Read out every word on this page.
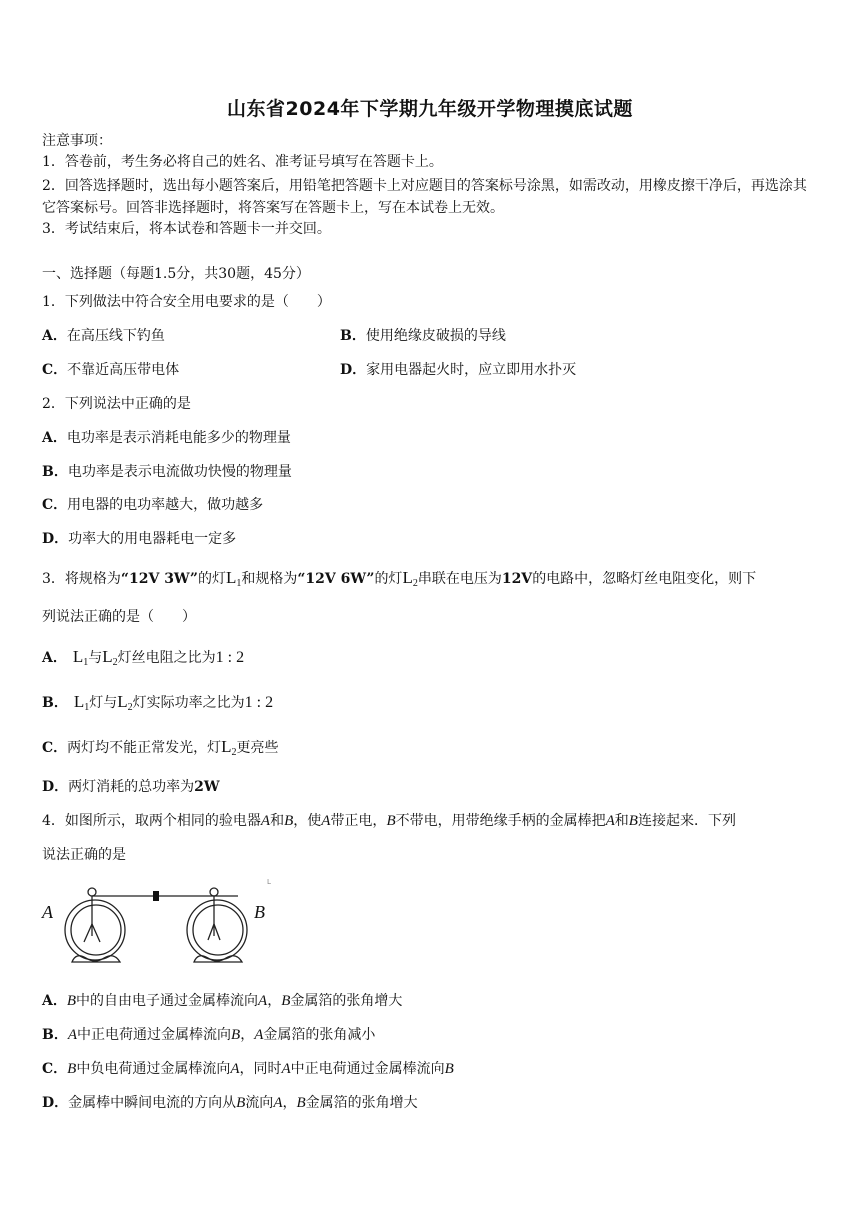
山东省2024年下学期九年级开学物理摸底试题
注意事项：
1．答卷前，考生务必将自己的姓名、准考证号填写在答题卡上。
2．回答选择题时，选出每小题答案后，用铅笔把答题卡上对应题目的答案标号涂黑，如需改动，用橡皮擦干净后，再选涂其它答案标号。回答非选择题时，将答案写在答题卡上，写在本试卷上无效。
3．考试结束后，将本试卷和答题卡一并交回。
一、选择题（每题1.5分，共30题，45分）
1．下列做法中符合安全用电要求的是（　　）
A．在高压线下钓鱼	B．使用绝缘皮破损的导线
C．不靠近高压带电体	D．家用电器起火时，应立即用水扑灭
2．下列说法中正确的是
A．电功率是表示消耗电能多少的物理量
B．电功率是表示电流做功快慢的物理量
C．用电器的电功率越大，做功越多
D．功率大的用电器耗电一定多
3．将规格为“12V 3W”的灯$L_1$和规格为“12V 6W”的灯$L_2$串联在电压为12V的电路中，忽略灯丝电阻变化，则下
列说法正确的是（　　）
A． $L_1$与$L_2$灯丝电阻之比为1 : 2
B． $L_1$灯与$L_2$灯实际功率之比为1 : 2
C．两灯均不能正常发光，灯$L_2$更亮些
D．两灯消耗的总功率为2W
4．如图所示，取两个相同的验电器A和B，使A带正电，B不带电，用带绝缘手柄的金属棒把A和B连接起来．下列
说法正确的是
A	B
L
A．B中的自由电子通过金属棒流向A，B金属箔的张角增大
B．A中正电荷通过金属棒流向B，A金属箔的张角减小
C．B中负电荷通过金属棒流向A，同时A中正电荷通过金属棒流向B
D．金属棒中瞬间电流的方向从B流向A，B金属箔的张角增大
